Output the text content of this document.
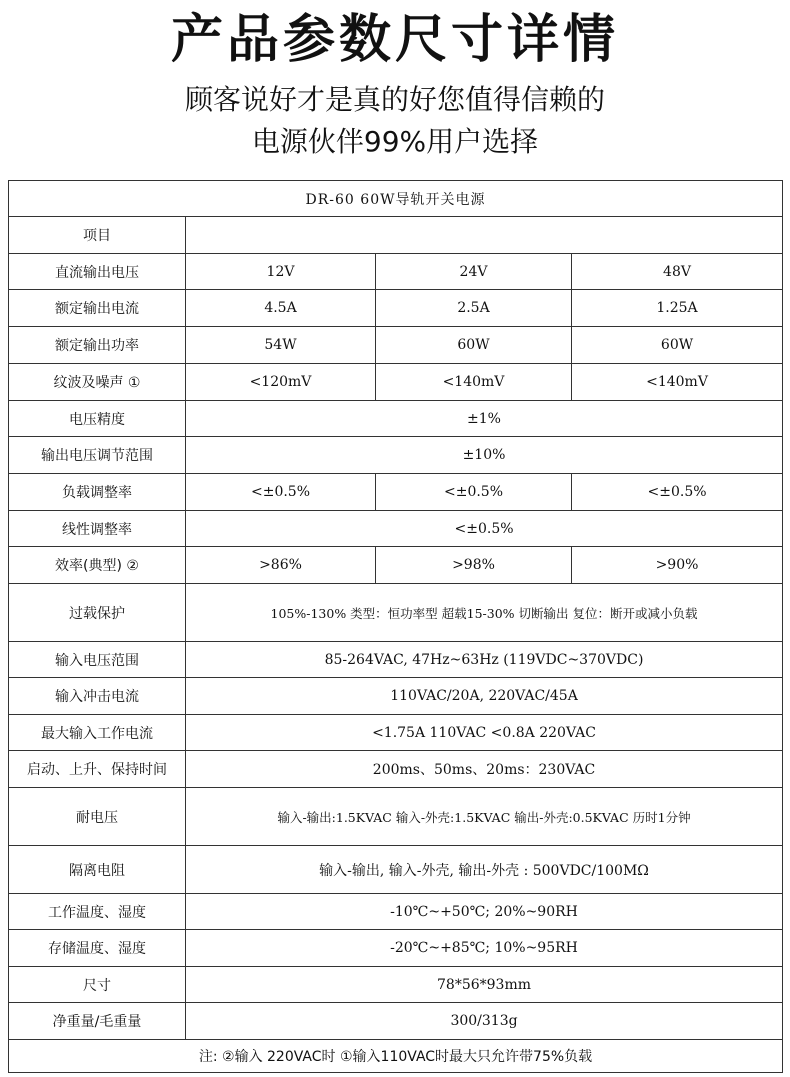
产品参数尺寸详情
顾客说好才是真的好您值得信赖的
电源伙伴99%用户选择
DR-60 60W导轨开关电源			
项目			
直流输出电压	12V	24V	48V
额定输出电流	4.5A	2.5A	1.25A
额定输出功率	54W	60W	60W
纹波及噪声 ①	<120mV	<140mV	<140mV
电压精度	±1%		
输出电压调节范围	±10%		
负载调整率	<±0.5%	<±0.5%	<±0.5%
线性调整率	<±0.5%		
效率(典型) ②	>86%	>98%	>90%
过载保护	105%-130% 类型：恒功率型 超载15-30% 切断输出 复位：断开或减小负载		
输入电压范围	85-264VAC, 47Hz~63Hz (119VDC~370VDC)		
输入冲击电流	110VAC/20A, 220VAC/45A		
最大输入工作电流	<1.75A 110VAC <0.8A 220VAC		
启动、上升、保持时间	200ms、50ms、20ms：230VAC		
耐电压	输入-输出:1.5KVAC 输入-外壳:1.5KVAC 输出-外壳:0.5KVAC 历时1分钟		
隔离电阻	输入-输出, 输入-外壳, 输出-外壳 : 500VDC/100MΩ		
工作温度、湿度	-10℃~+50℃; 20%~90RH		
存储温度、湿度	-20℃~+85℃; 10%~95RH		
尺寸	78*56*93mm		
净重量/毛重量	300/313g		
注: ②输入 220VAC时 ①输入110VAC时最大只允许带75%负载			
